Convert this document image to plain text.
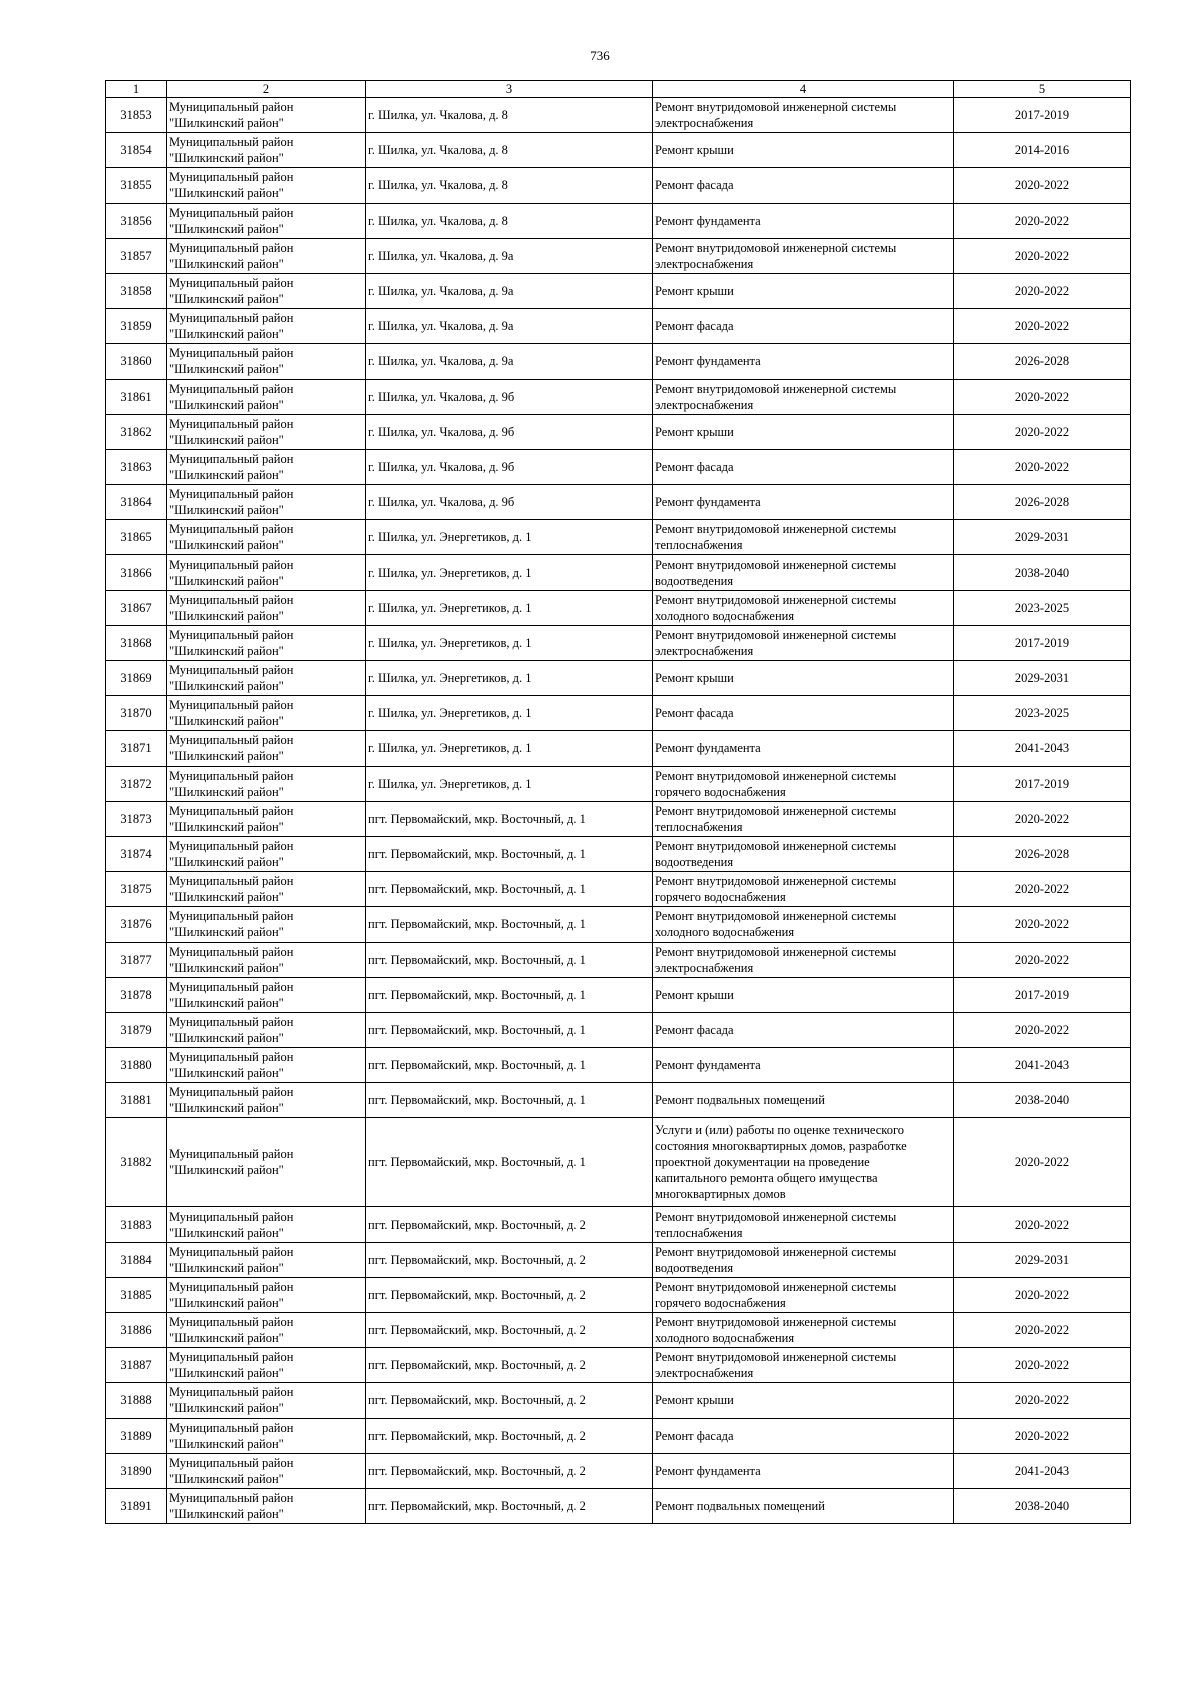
736
1	2	3	4	5
31853	Муниципальный район
"Шилкинский район"	г. Шилка, ул. Чкалова, д. 8	Ремонт внутридомовой инженерной системы
электроснабжения	2017-2019
31854	Муниципальный район
"Шилкинский район"	г. Шилка, ул. Чкалова, д. 8	Ремонт крыши	2014-2016
31855	Муниципальный район
"Шилкинский район"	г. Шилка, ул. Чкалова, д. 8	Ремонт фасада	2020-2022
31856	Муниципальный район
"Шилкинский район"	г. Шилка, ул. Чкалова, д. 8	Ремонт фундамента	2020-2022
31857	Муниципальный район
"Шилкинский район"	г. Шилка, ул. Чкалова, д. 9а	Ремонт внутридомовой инженерной системы
электроснабжения	2020-2022
31858	Муниципальный район
"Шилкинский район"	г. Шилка, ул. Чкалова, д. 9а	Ремонт крыши	2020-2022
31859	Муниципальный район
"Шилкинский район"	г. Шилка, ул. Чкалова, д. 9а	Ремонт фасада	2020-2022
31860	Муниципальный район
"Шилкинский район"	г. Шилка, ул. Чкалова, д. 9а	Ремонт фундамента	2026-2028
31861	Муниципальный район
"Шилкинский район"	г. Шилка, ул. Чкалова, д. 9б	Ремонт внутридомовой инженерной системы
электроснабжения	2020-2022
31862	Муниципальный район
"Шилкинский район"	г. Шилка, ул. Чкалова, д. 9б	Ремонт крыши	2020-2022
31863	Муниципальный район
"Шилкинский район"	г. Шилка, ул. Чкалова, д. 9б	Ремонт фасада	2020-2022
31864	Муниципальный район
"Шилкинский район"	г. Шилка, ул. Чкалова, д. 9б	Ремонт фундамента	2026-2028
31865	Муниципальный район
"Шилкинский район"	г. Шилка, ул. Энергетиков, д. 1	Ремонт внутридомовой инженерной системы
теплоснабжения	2029-2031
31866	Муниципальный район
"Шилкинский район"	г. Шилка, ул. Энергетиков, д. 1	Ремонт внутридомовой инженерной системы
водоотведения	2038-2040
31867	Муниципальный район
"Шилкинский район"	г. Шилка, ул. Энергетиков, д. 1	Ремонт внутридомовой инженерной системы
холодного водоснабжения	2023-2025
31868	Муниципальный район
"Шилкинский район"	г. Шилка, ул. Энергетиков, д. 1	Ремонт внутридомовой инженерной системы
электроснабжения	2017-2019
31869	Муниципальный район
"Шилкинский район"	г. Шилка, ул. Энергетиков, д. 1	Ремонт крыши	2029-2031
31870	Муниципальный район
"Шилкинский район"	г. Шилка, ул. Энергетиков, д. 1	Ремонт фасада	2023-2025
31871	Муниципальный район
"Шилкинский район"	г. Шилка, ул. Энергетиков, д. 1	Ремонт фундамента	2041-2043
31872	Муниципальный район
"Шилкинский район"	г. Шилка, ул. Энергетиков, д. 1	Ремонт внутридомовой инженерной системы
горячего водоснабжения	2017-2019
31873	Муниципальный район
"Шилкинский район"	пгт. Первомайский, мкр. Восточный, д. 1	Ремонт внутридомовой инженерной системы
теплоснабжения	2020-2022
31874	Муниципальный район
"Шилкинский район"	пгт. Первомайский, мкр. Восточный, д. 1	Ремонт внутридомовой инженерной системы
водоотведения	2026-2028
31875	Муниципальный район
"Шилкинский район"	пгт. Первомайский, мкр. Восточный, д. 1	Ремонт внутридомовой инженерной системы
горячего водоснабжения	2020-2022
31876	Муниципальный район
"Шилкинский район"	пгт. Первомайский, мкр. Восточный, д. 1	Ремонт внутридомовой инженерной системы
холодного водоснабжения	2020-2022
31877	Муниципальный район
"Шилкинский район"	пгт. Первомайский, мкр. Восточный, д. 1	Ремонт внутридомовой инженерной системы
электроснабжения	2020-2022
31878	Муниципальный район
"Шилкинский район"	пгт. Первомайский, мкр. Восточный, д. 1	Ремонт крыши	2017-2019
31879	Муниципальный район
"Шилкинский район"	пгт. Первомайский, мкр. Восточный, д. 1	Ремонт фасада	2020-2022
31880	Муниципальный район
"Шилкинский район"	пгт. Первомайский, мкр. Восточный, д. 1	Ремонт фундамента	2041-2043
31881	Муниципальный район
"Шилкинский район"	пгт. Первомайский, мкр. Восточный, д. 1	Ремонт подвальных помещений	2038-2040
31882	Муниципальный район
"Шилкинский район"	пгт. Первомайский, мкр. Восточный, д. 1	Услуги и (или) работы по оценке технического
состояния многоквартирных домов, разработке
проектной документации на проведение
капитального ремонта общего имущества
многоквартирных домов	2020-2022
31883	Муниципальный район
"Шилкинский район"	пгт. Первомайский, мкр. Восточный, д. 2	Ремонт внутридомовой инженерной системы
теплоснабжения	2020-2022
31884	Муниципальный район
"Шилкинский район"	пгт. Первомайский, мкр. Восточный, д. 2	Ремонт внутридомовой инженерной системы
водоотведения	2029-2031
31885	Муниципальный район
"Шилкинский район"	пгт. Первомайский, мкр. Восточный, д. 2	Ремонт внутридомовой инженерной системы
горячего водоснабжения	2020-2022
31886	Муниципальный район
"Шилкинский район"	пгт. Первомайский, мкр. Восточный, д. 2	Ремонт внутридомовой инженерной системы
холодного водоснабжения	2020-2022
31887	Муниципальный район
"Шилкинский район"	пгт. Первомайский, мкр. Восточный, д. 2	Ремонт внутридомовой инженерной системы
электроснабжения	2020-2022
31888	Муниципальный район
"Шилкинский район"	пгт. Первомайский, мкр. Восточный, д. 2	Ремонт крыши	2020-2022
31889	Муниципальный район
"Шилкинский район"	пгт. Первомайский, мкр. Восточный, д. 2	Ремонт фасада	2020-2022
31890	Муниципальный район
"Шилкинский район"	пгт. Первомайский, мкр. Восточный, д. 2	Ремонт фундамента	2041-2043
31891	Муниципальный район
"Шилкинский район"	пгт. Первомайский, мкр. Восточный, д. 2	Ремонт подвальных помещений	2038-2040
